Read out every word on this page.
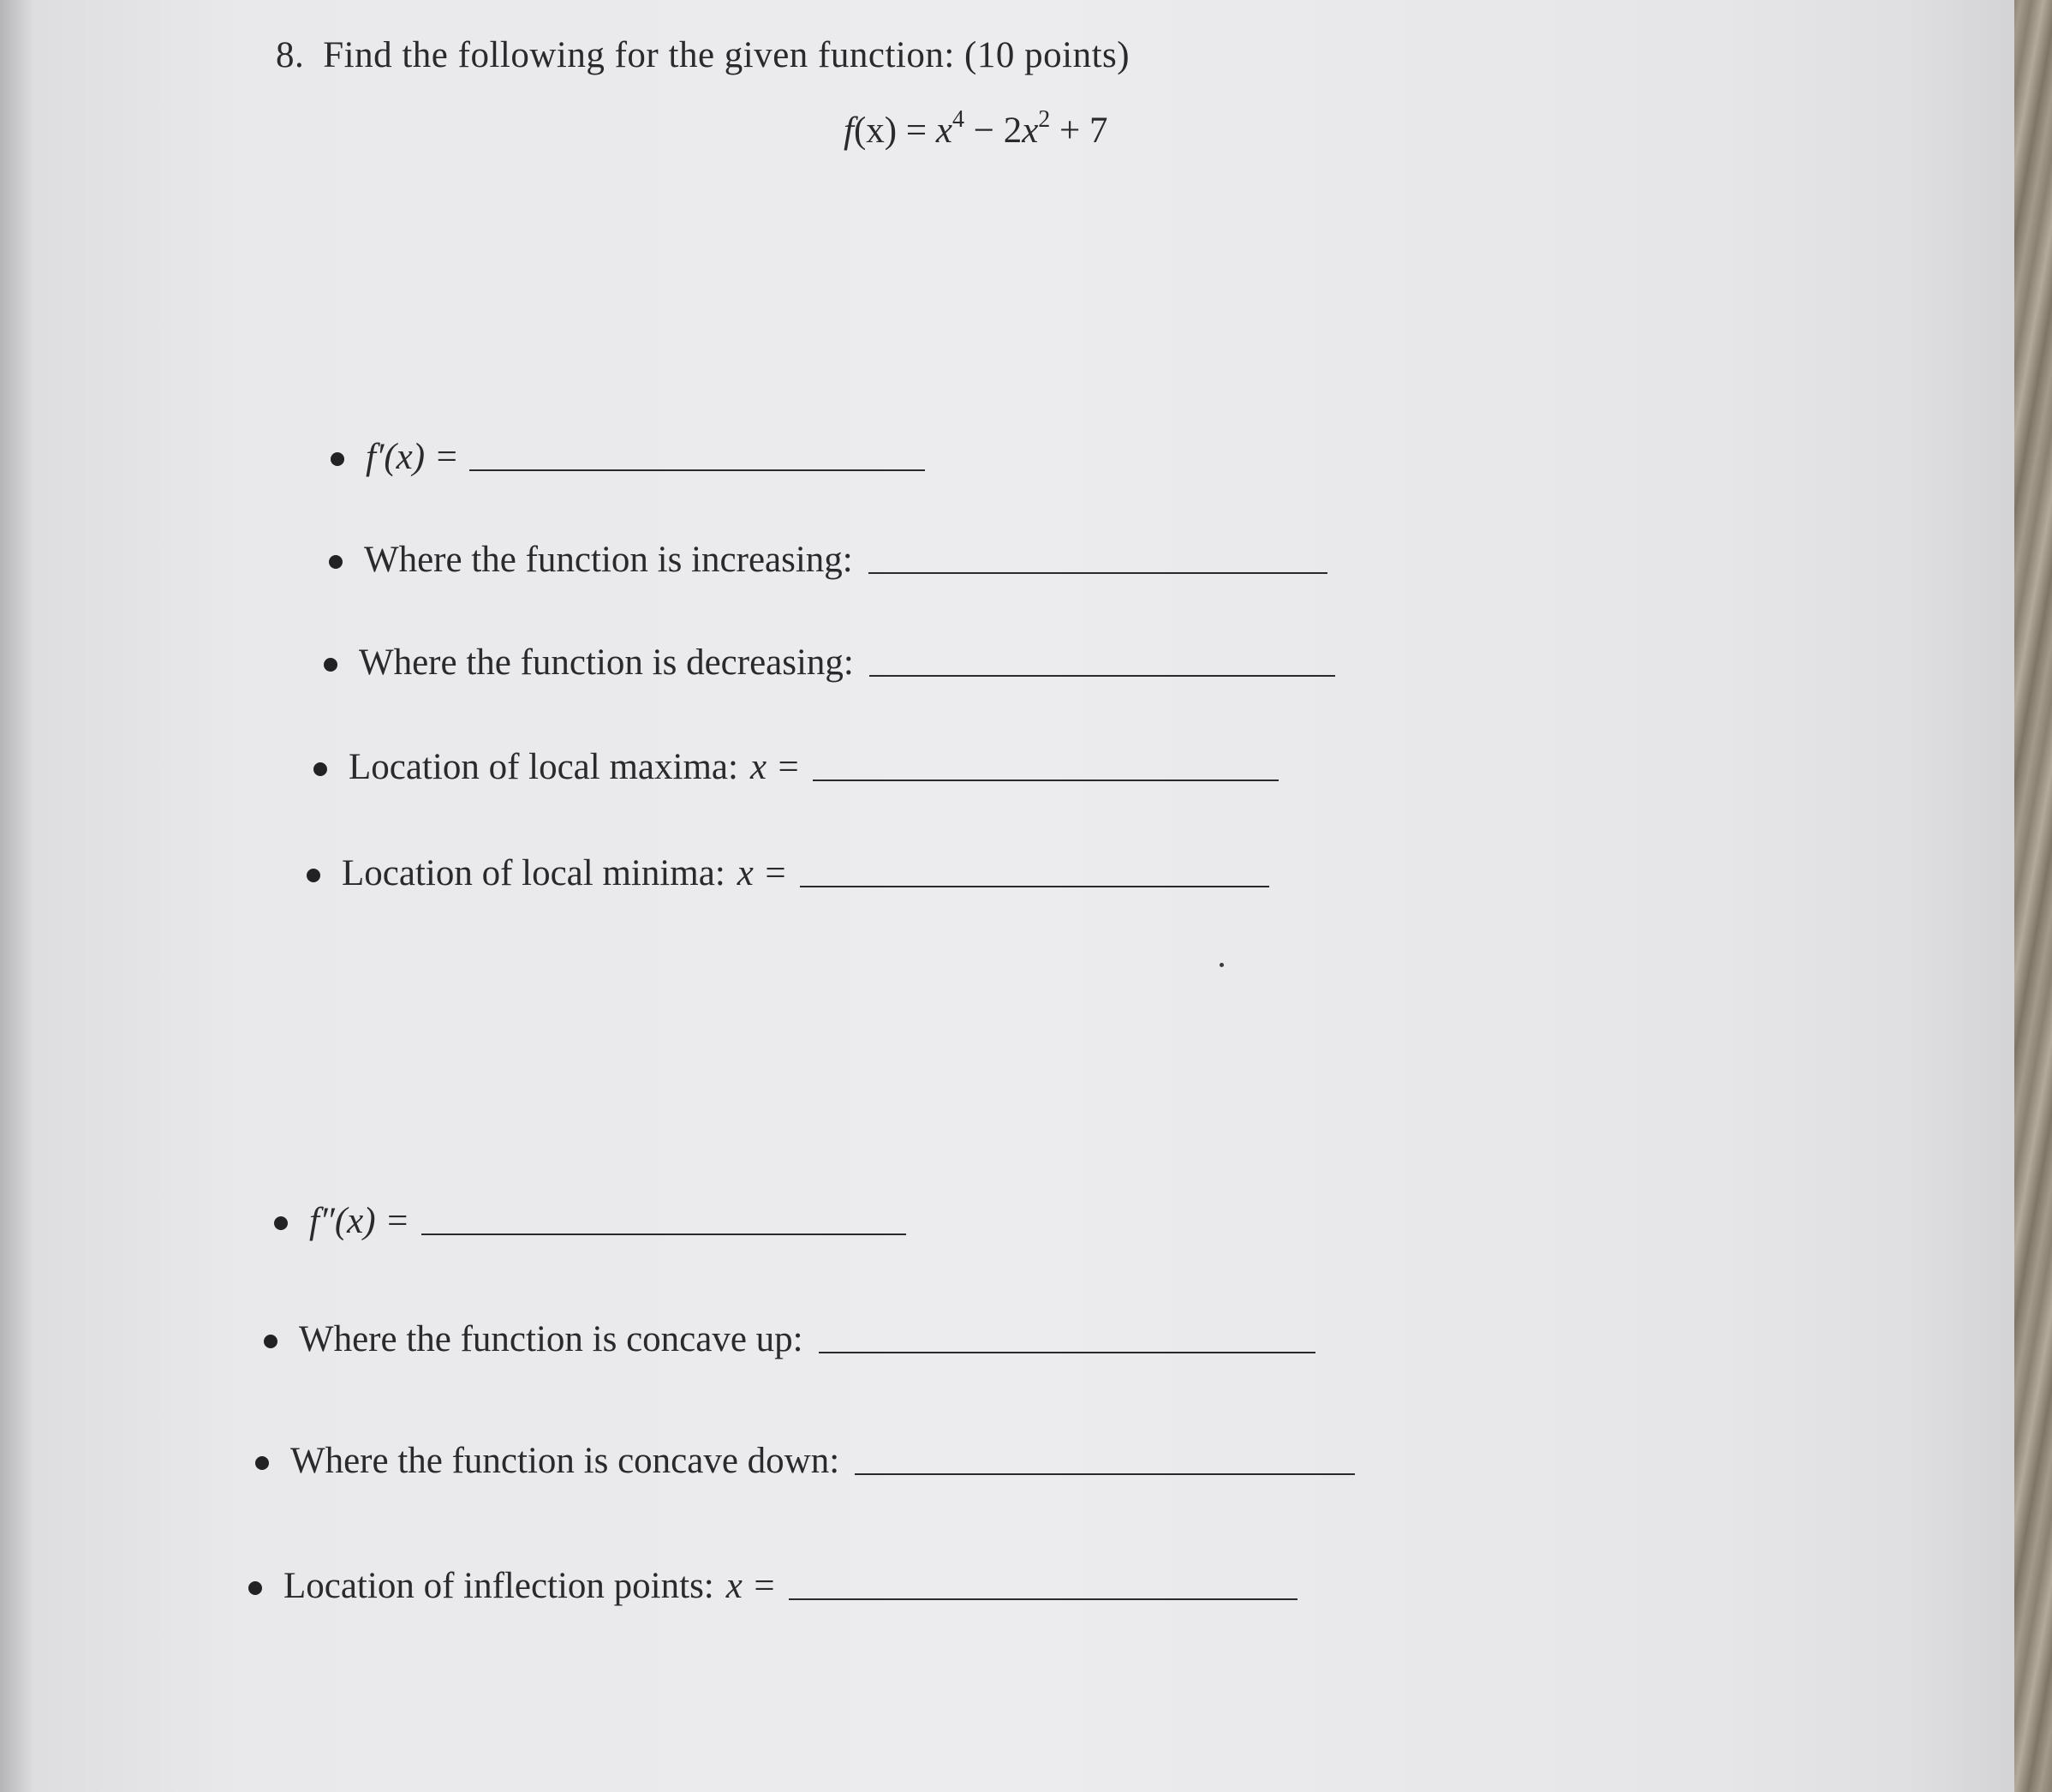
8. Find the following for the given function: (10 points)
$f(x) = x^4 - 2x^2 + 7$
f′(x) =
Where the function is increasing:
Where the function is decreasing:
Location of local maxima: x =
Location of local minima: x =
f″(x) =
Where the function is concave up:
Where the function is concave down:
Location of inflection points: x =
